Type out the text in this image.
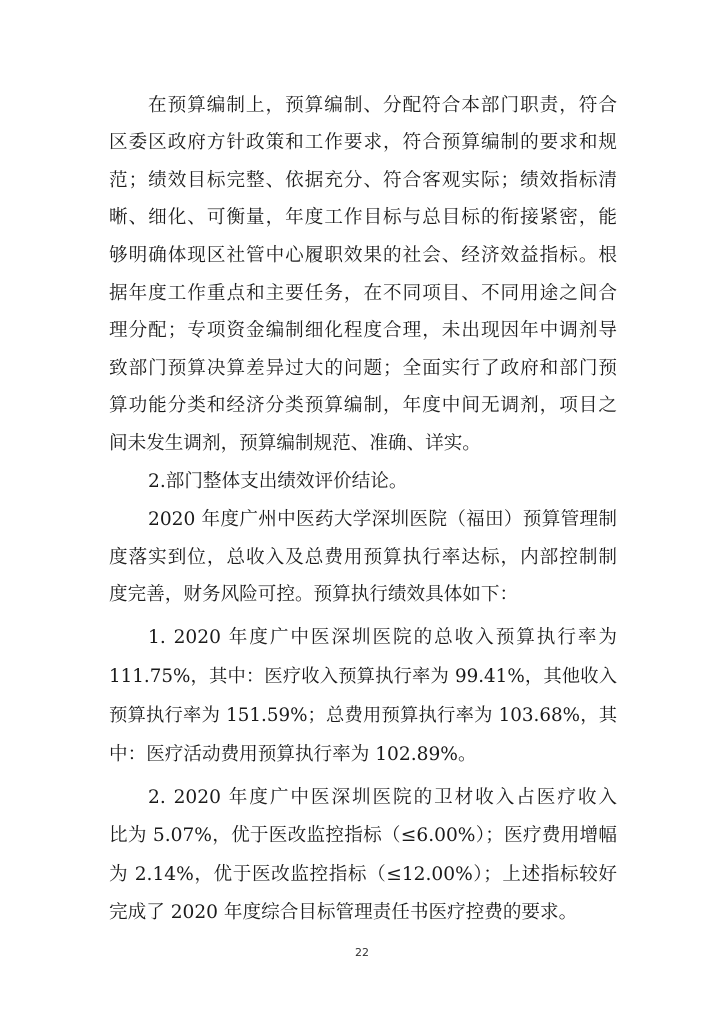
在预算编制上，预算编制、分配符合本部门职责，符合
区委区政府方针政策和工作要求，符合预算编制的要求和规
范；绩效目标完整、依据充分、符合客观实际；绩效指标清
晰、细化、可衡量，年度工作目标与总目标的衔接紧密，能
够明确体现区社管中心履职效果的社会、经济效益指标。根
据年度工作重点和主要任务，在不同项目、不同用途之间合
理分配；专项资金编制细化程度合理，未出现因年中调剂导
致部门预算决算差异过大的问题；全面实行了政府和部门预
算功能分类和经济分类预算编制，年度中间无调剂，项目之
间未发生调剂，预算编制规范、准确、详实。
2.部门整体支出绩效评价结论。
2020 年度广州中医药大学深圳医院（福田）预算管理制
度落实到位，总收入及总费用预算执行率达标，内部控制制
度完善，财务风险可控。预算执行绩效具体如下：
1. 2020 年度广中医深圳医院的总收入预算执行率为
111.75%，其中：医疗收入预算执行率为 99.41%，其他收入
预算执行率为 151.59%；总费用预算执行率为 103.68%，其
中：医疗活动费用预算执行率为 102.89%。
2. 2020 年度广中医深圳医院的卫材收入占医疗收入
比为 5.07%，优于医改监控指标（≤6.00%）；医疗费用增幅
为 2.14%，优于医改监控指标（≤12.00%）；上述指标较好
完成了 2020 年度综合目标管理责任书医疗控费的要求。
22
